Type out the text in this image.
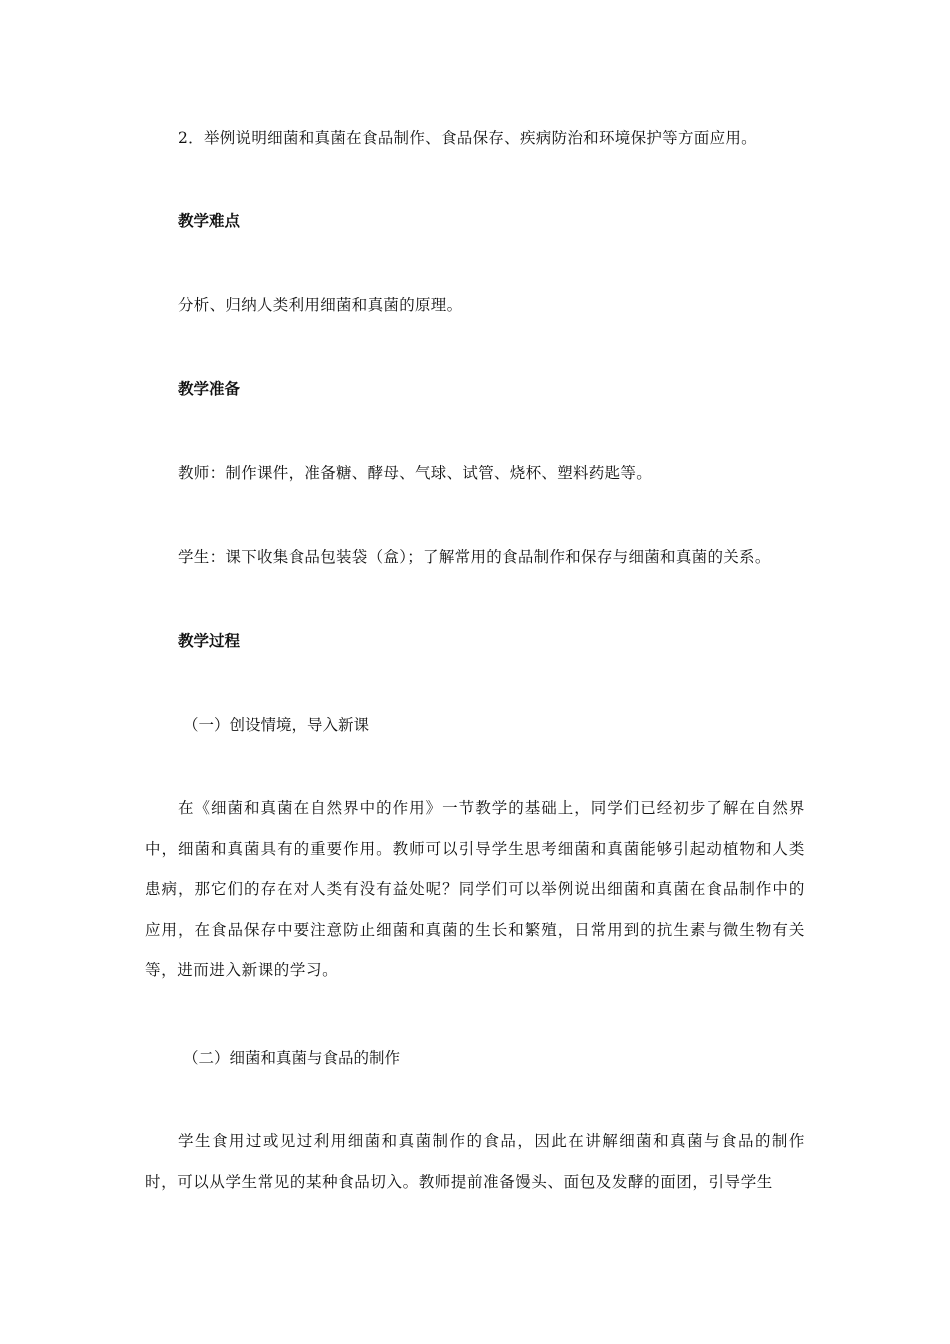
2．举例说明细菌和真菌在食品制作、食品保存、疾病防治和环境保护等方面应用。
教学难点
分析、归纳人类利用细菌和真菌的原理。
教学准备
教师：制作课件，准备糖、酵母、气球、试管、烧杯、塑料药匙等。
学生：课下收集食品包装袋（盒）；了解常用的食品制作和保存与细菌和真菌的关系。
教学过程
（一）创设情境，导入新课
在《细菌和真菌在自然界中的作用》一节教学的基础上，同学们已经初步了解在自然界中，细菌和真菌具有的重要作用。教师可以引导学生思考细菌和真菌能够引起动植物和人类患病，那它们的存在对人类有没有益处呢？同学们可以举例说出细菌和真菌在食品制作中的应用，在食品保存中要注意防止细菌和真菌的生长和繁殖，日常用到的抗生素与微生物有关等，进而进入新课的学习。
（二）细菌和真菌与食品的制作
学生食用过或见过利用细菌和真菌制作的食品，因此在讲解细菌和真菌与食品的制作时，可以从学生常见的某种食品切入。教师提前准备馒头、面包及发酵的面团，引导学生
